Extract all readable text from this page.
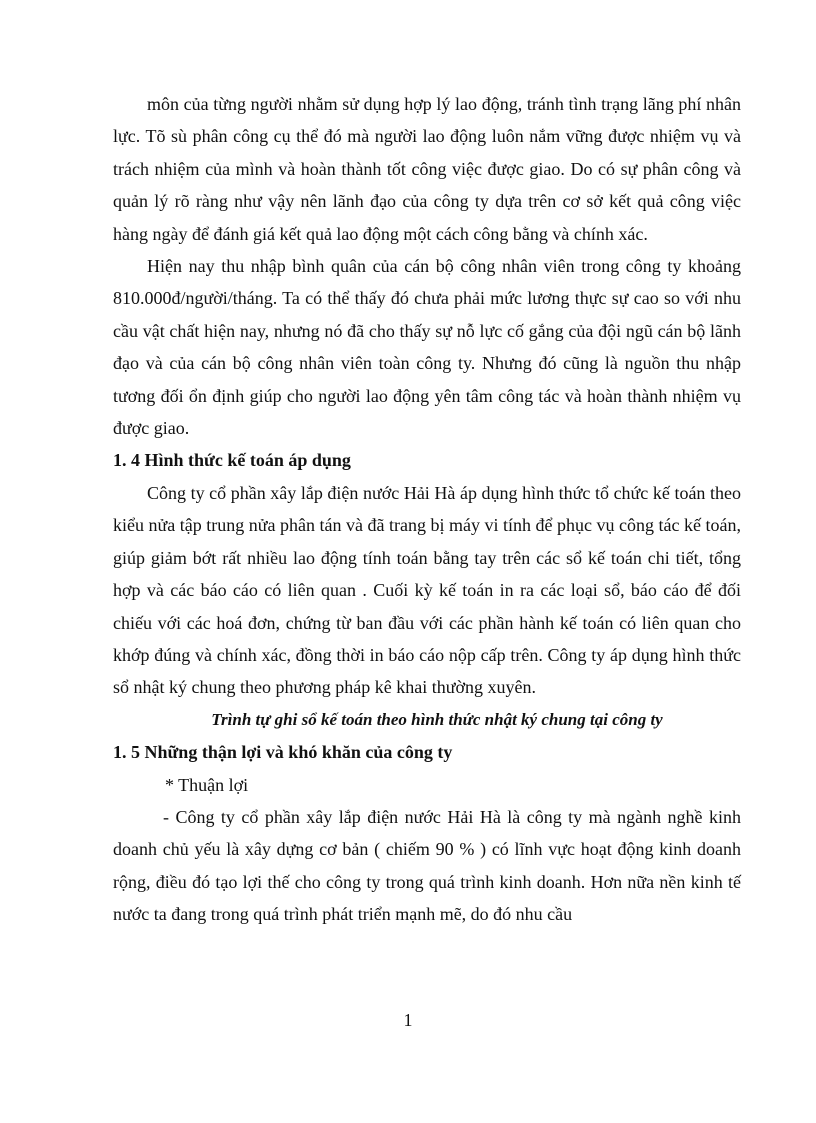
môn của từng người nhằm sử dụng hợp lý lao động, tránh tình trạng lãng phí nhân lực. Tõ sù phân công cụ thể đó mà người lao động luôn nắm vững được nhiệm vụ và trách nhiệm của mình và hoàn thành tốt công việc được giao. Do có sự phân công và quản lý rõ ràng như vậy nên lãnh đạo của công ty dựa trên cơ sở kết quả công việc hàng ngày để đánh giá kết quả lao động một cách công bằng và chính xác.

Hiện nay thu nhập bình quân của cán bộ công nhân viên trong công ty khoảng 810.000đ/người/tháng. Ta có thể thấy đó chưa phải mức lương thực sự cao so với nhu cầu vật chất hiện nay, nhưng nó đã cho thấy sự nỗ lực cố gắng của đội ngũ cán bộ lãnh đạo và của cán bộ công nhân viên toàn công ty. Nhưng đó cũng là nguồn thu nhập tương đối ổn định giúp cho người lao động yên tâm công tác và hoàn thành nhiệm vụ được giao.

1. 4 Hình thức kế toán áp dụng

Công ty cổ phần xây lắp điện nước Hải Hà áp dụng hình thức tổ chức kế toán theo kiểu nửa tập trung nửa phân tán và đã trang bị máy vi tính để phục vụ công tác kế toán, giúp giảm bớt rất nhiều lao động tính toán bằng tay trên các sổ kế toán chi tiết, tổng hợp và các báo cáo có liên quan . Cuối kỳ kế toán in ra các loại sổ, báo cáo để đối chiếu với các hoá đơn, chứng từ ban đầu với các phần hành kế toán có liên quan cho khớp đúng và chính xác, đồng thời in báo cáo nộp cấp trên. Công ty áp dụng hình thức sổ nhật ký chung theo phương pháp kê khai thường xuyên.

Trình tự ghi sổ kế toán theo hình thức nhật ký chung tại công ty

1. 5 Những thận lợi và khó khăn của công ty

* Thuận lợi

- Công ty cổ phần xây lắp điện nước Hải Hà là công ty mà ngành nghề kinh doanh chủ yếu là xây dựng cơ bản ( chiếm 90 % ) có lĩnh vực hoạt động kinh doanh rộng, điều đó tạo lợi thế cho công ty trong quá trình kinh doanh. Hơn nữa nền kinh tế nước ta đang trong quá trình phát triển mạnh mẽ, do đó nhu cầu

1
